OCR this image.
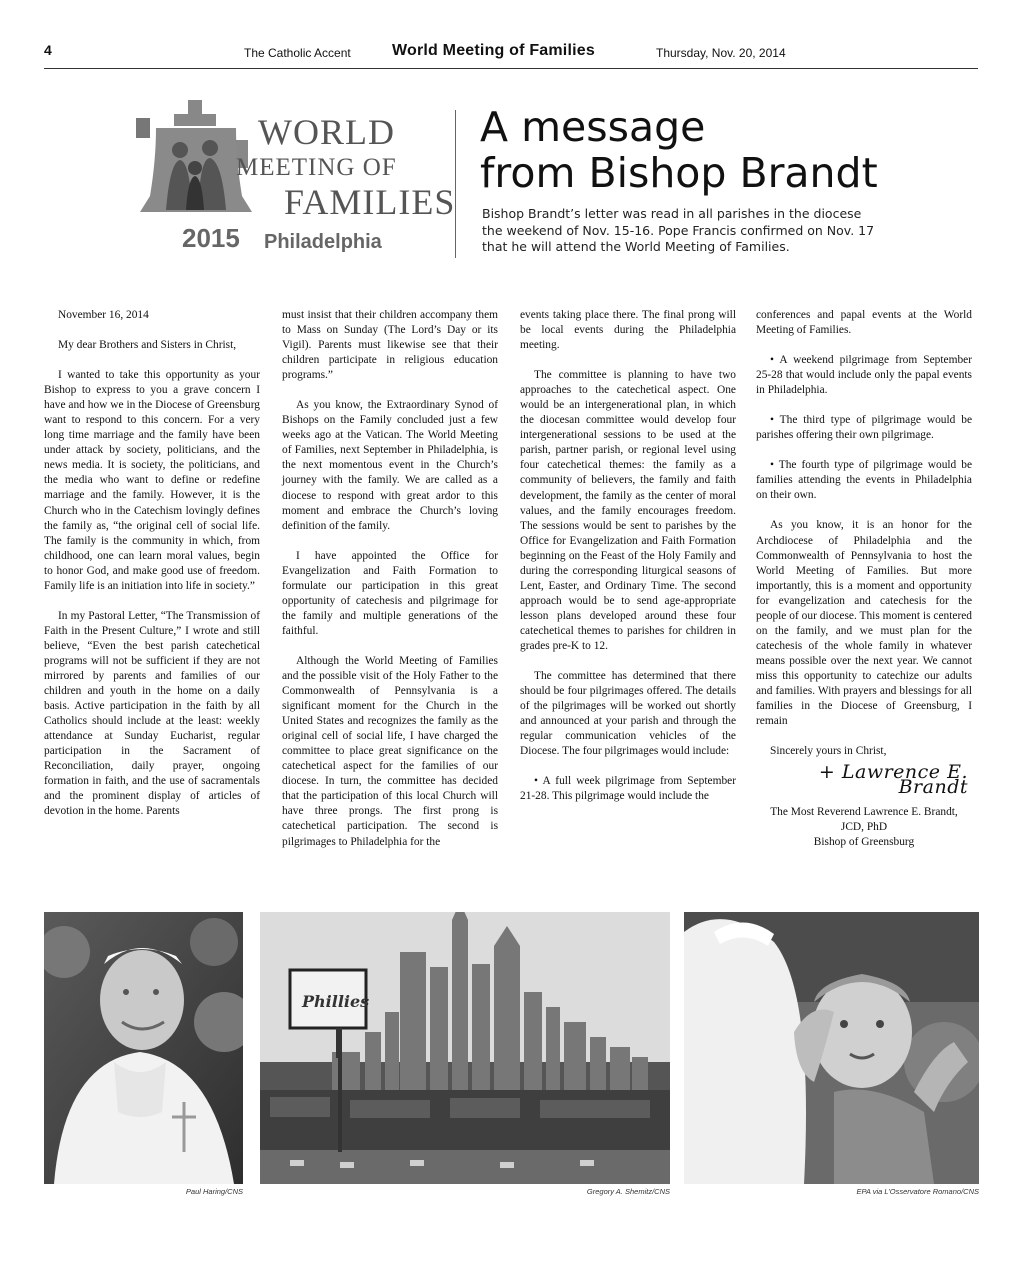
4	The Catholic Accent	World Meeting of Families	Thursday, Nov. 20, 2014
WORLD
MEETING OF
FAMILIES
2015 Philadelphia
A message
from Bishop Brandt

Bishop Brandt’s letter was read in all parishes in the diocese the weekend of Nov. 15-16. Pope Francis confirmed on Nov. 17 that he will attend the World Meeting of Families.

November 16, 2014

My dear Brothers and Sisters in Christ,

I wanted to take this opportunity as your Bishop to express to you a grave concern I have and how we in the Diocese of Greensburg want to respond to this concern. For a very long time marriage and the family have been under attack by society, politicians, and the news media. It is society, the politicians, and the media who want to define or redefine marriage and the family. However, it is the Church who in the Catechism lovingly defines the family as, “the original cell of social life. The family is the community in which, from childhood, one can learn moral values, begin to honor God, and make good use of freedom. Family life is an initiation into life in society.”

In my Pastoral Letter, “The Transmission of Faith in the Present Culture,” I wrote and still believe, “Even the best parish catechetical programs will not be sufficient if they are not mirrored by parents and families of our children and youth in the home on a daily basis. Active participation in the faith by all Catholics should include at the least: weekly attendance at Sunday Eucharist, regular participation in the Sacrament of Reconciliation, daily prayer, ongoing formation in faith, and the use of sacramentals and the prominent display of articles of devotion in the home. Parents

must insist that their children accompany them to Mass on Sunday (The Lord’s Day or its Vigil). Parents must likewise see that their children participate in religious education programs.”

As you know, the Extraordinary Synod of Bishops on the Family concluded just a few weeks ago at the Vatican. The World Meeting of Families, next September in Philadelphia, is the next momentous event in the Church’s journey with the family. We are called as a diocese to respond with great ardor to this moment and embrace the Church’s loving definition of the family.

I have appointed the Office for Evangelization and Faith Formation to formulate our participation in this great opportunity of catechesis and pilgrimage for the family and multiple generations of the faithful.

Although the World Meeting of Families and the possible visit of the Holy Father to the Commonwealth of Pennsylvania is a significant moment for the Church in the United States and recognizes the family as the original cell of social life, I have charged the committee to place great significance on the catechetical aspect for the families of our diocese. In turn, the committee has decided that the participation of this local Church will have three prongs. The first prong is catechetical participation. The second is pilgrimages to Philadelphia for the

events taking place there. The final prong will be local events during the Philadelphia meeting.

The committee is planning to have two approaches to the catechetical aspect. One would be an intergenerational plan, in which the diocesan committee would develop four intergenerational sessions to be used at the parish, partner parish, or regional level using four catechetical themes: the family as a community of believers, the family and faith development, the family as the center of moral values, and the family encourages freedom. The sessions would be sent to parishes by the Office for Evangelization and Faith Formation beginning on the Feast of the Holy Family and during the corresponding liturgical seasons of Lent, Easter, and Ordinary Time. The second approach would be to send age-appropriate lesson plans developed around these four catechetical themes to parishes for children in grades pre-K to 12.

The committee has determined that there should be four pilgrimages offered. The details of the pilgrimages will be worked out shortly and announced at your parish and through the regular communication vehicles of the Diocese. The four pilgrimages would include:

• A full week pilgrimage from September 21-28. This pilgrimage would include the

conferences and papal events at the World Meeting of Families.

• A weekend pilgrimage from September 25-28 that would include only the papal events in Philadelphia.

• The third type of pilgrimage would be parishes offering their own pilgrimage.

• The fourth type of pilgrimage would be families attending the events in Philadelphia on their own.

As you know, it is an honor for the Archdiocese of Philadelphia and the Commonwealth of Pennsylvania to host the World Meeting of Families. But more importantly, this is a moment and opportunity for evangelization and catechesis for the people of our diocese. This moment is centered on the family, and we must plan for the catechesis of the whole family in whatever means possible over the next year. We cannot miss this opportunity to catechize our adults and families. With prayers and blessings for all families in the Diocese of Greensburg, I remain

Sincerely yours in Christ,

+ Lawrence E. Brandt

The Most Reverend Lawrence E. Brandt,

JCD, PhD

Bishop of Greensburg

Paul Haring/CNS
Phillies
Gregory A. Shemitz/CNS	EPA via L’Osservatore Romano/CNS
